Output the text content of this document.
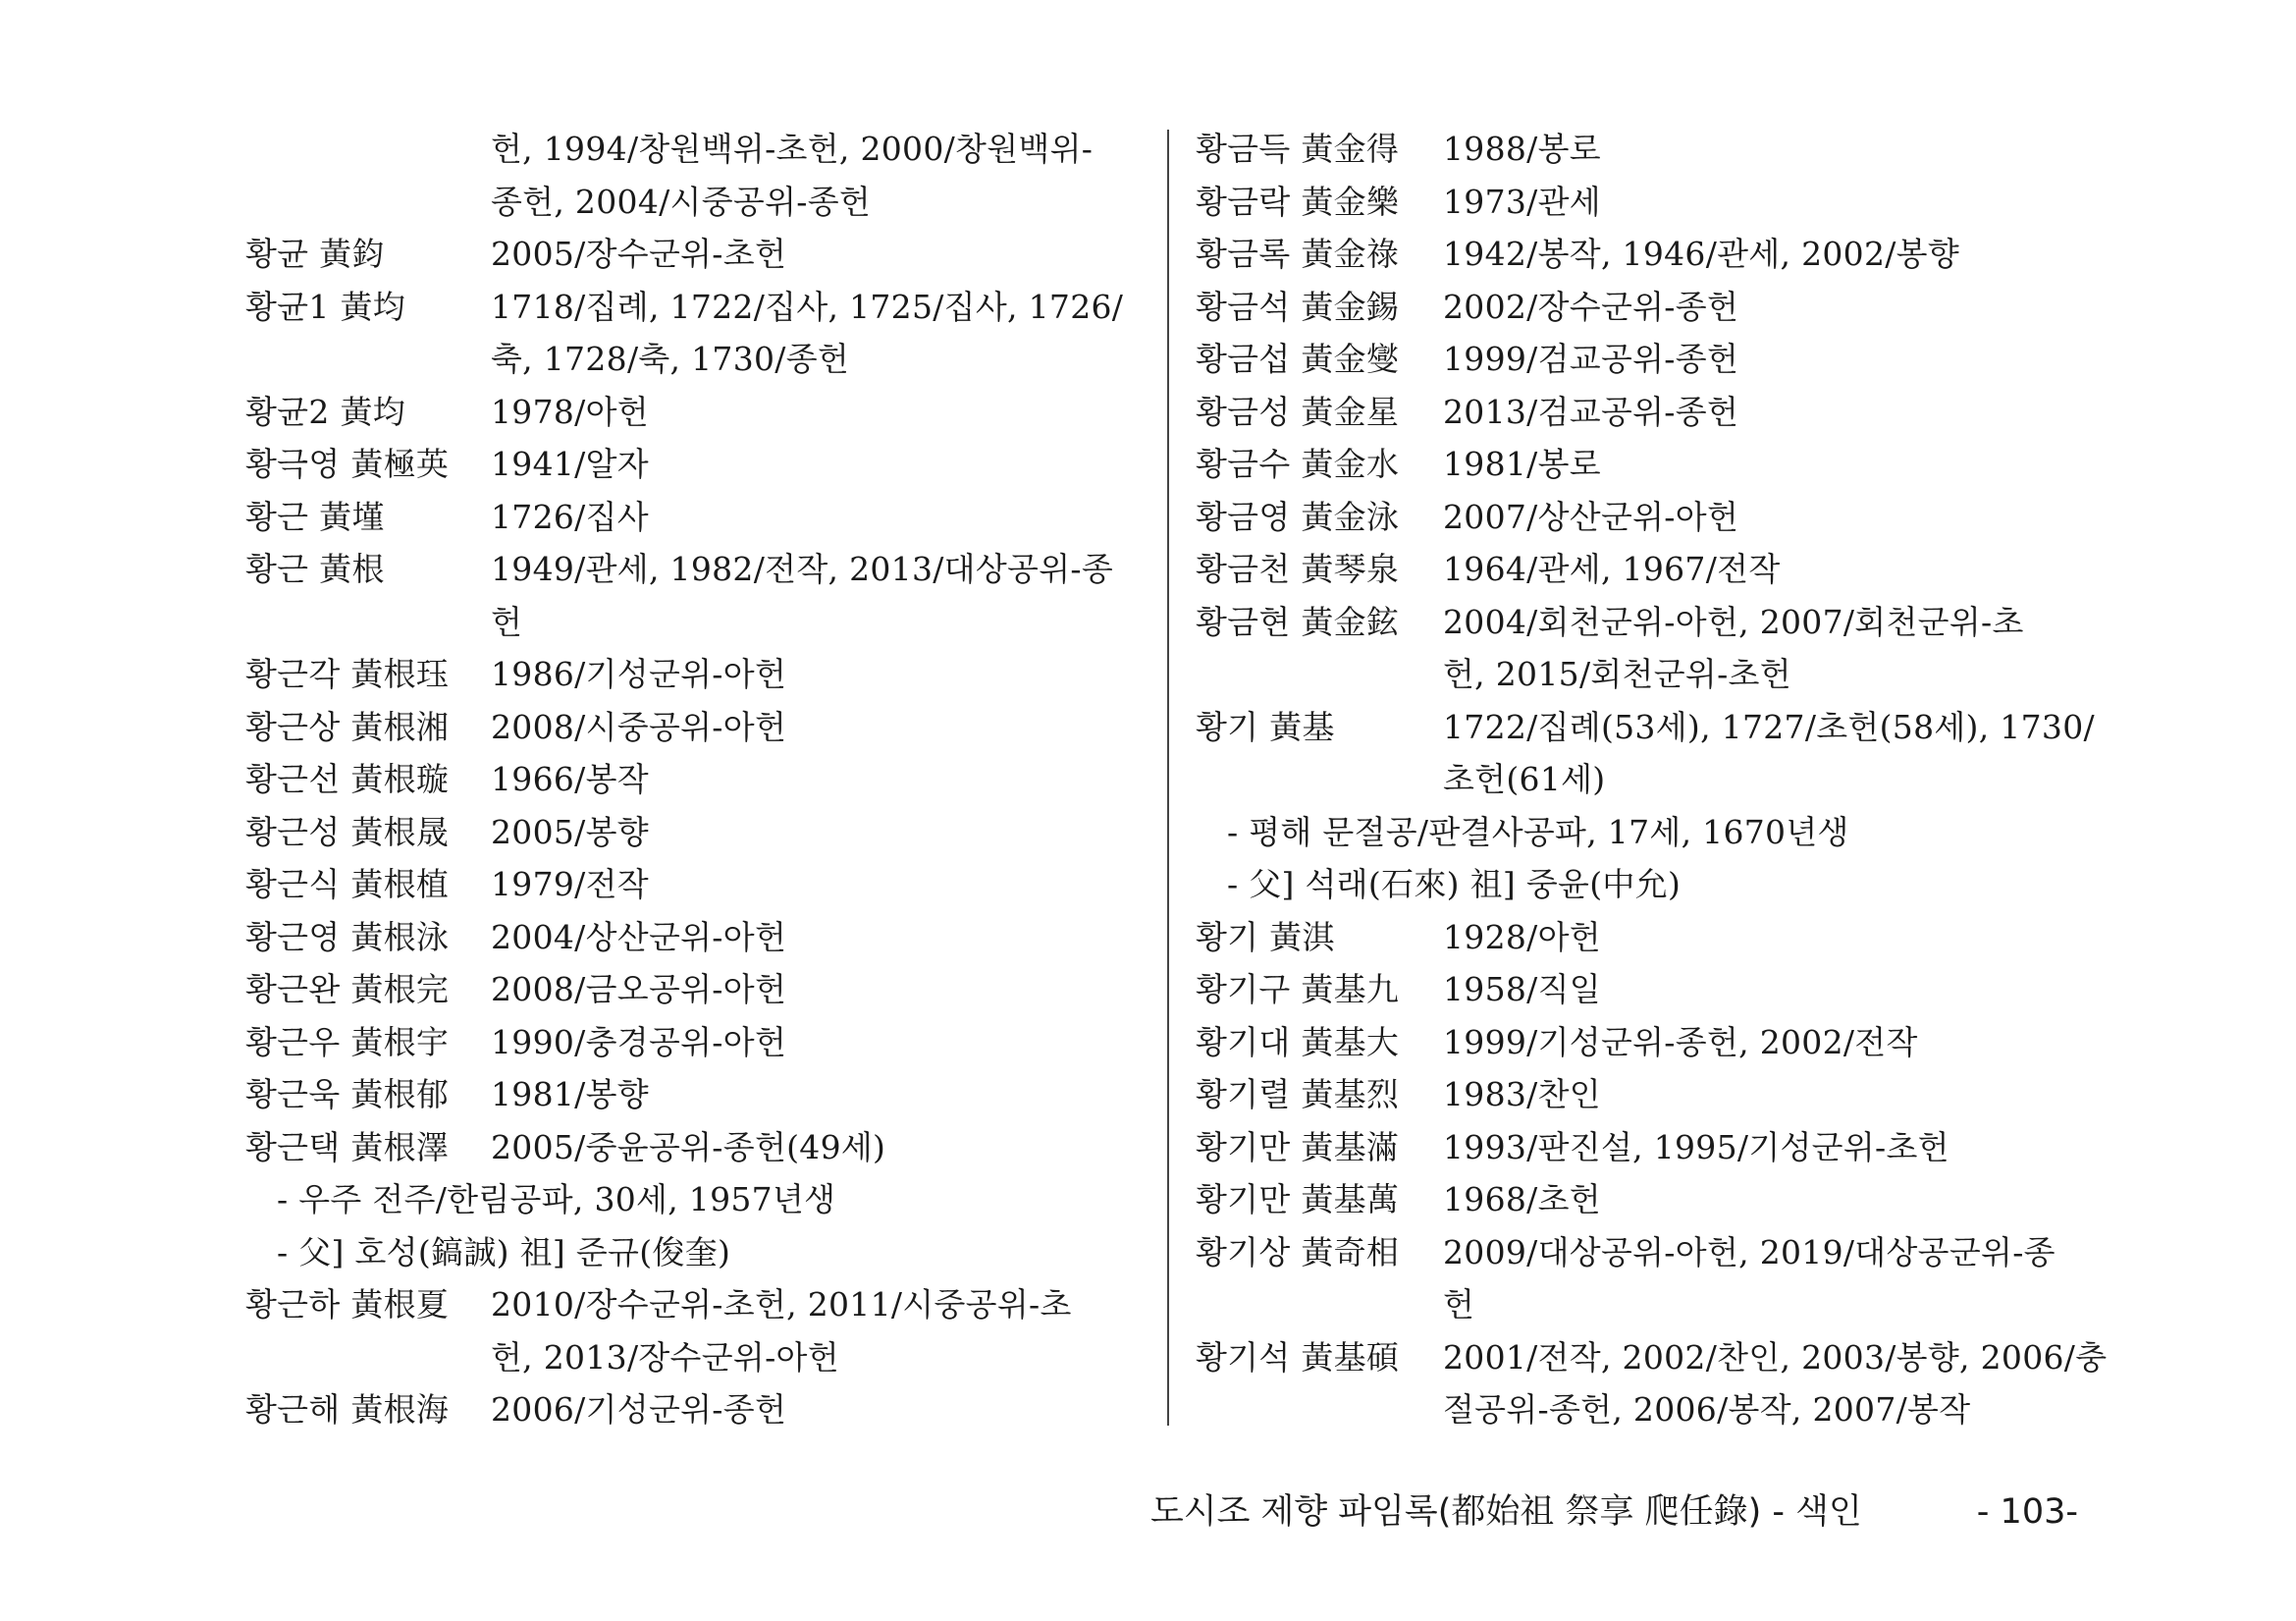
헌, 1994/창원백위-초헌, 2000/창원백위-
종헌, 2004/시중공위-종헌
황균 黃鈞	2005/장수군위-초헌
황균1 黃均	1718/집례, 1722/집사, 1725/집사, 1726/
축, 1728/축, 1730/종헌
황균2 黃均	1978/아헌
황극영 黃極英 1941/알자
황근 黃墐	1726/집사
황근 黃根	1949/관세, 1982/전작, 2013/대상공위-종
헌
황근각 黃根珏 1986/기성군위-아헌
황근상 黃根湘 2008/시중공위-아헌
황근선 黃根璇 1966/봉작
황근성 黃根晟 2005/봉향
황근식 黃根植 1979/전작
황근영 黃根泳 2004/상산군위-아헌
황근완 黃根完 2008/금오공위-아헌
황근우 黃根宇 1990/충경공위-아헌
황근욱 黃根郁 1981/봉향
황근택 黃根澤 2005/중윤공위-종헌(49세)
- 우주 전주/한림공파, 30세, 1957년생
- 父] 호성(鎬誠) 祖] 준규(俊奎)
황근하 黃根夏 2010/장수군위-초헌, 2011/시중공위-초
헌, 2013/장수군위-아헌
황근해 黃根海 2006/기성군위-종헌
황금득 黃金得 1988/봉로
황금락 黃金樂 1973/관세
황금록 黃金祿 1942/봉작, 1946/관세, 2002/봉향
황금석 黃金錫 2002/장수군위-종헌
황금섭 黃金燮 1999/검교공위-종헌
황금성 黃金星 2013/검교공위-종헌
황금수 黃金水 1981/봉로
황금영 黃金泳 2007/상산군위-아헌
황금천 黃琴泉 1964/관세, 1967/전작
황금현 黃金鉉 2004/회천군위-아헌, 2007/회천군위-초
헌, 2015/회천군위-초헌
황기 黃基	1722/집례(53세), 1727/초헌(58세), 1730/
초헌(61세)
- 평해 문절공/판결사공파, 17세, 1670년생
- 父] 석래(石來) 祖] 중윤(中允)
황기 黃淇	1928/아헌
황기구 黃基九 1958/직일
황기대 黃基大 1999/기성군위-종헌, 2002/전작
황기렬 黃基烈 1983/찬인
황기만 黃基滿 1993/판진설, 1995/기성군위-초헌
황기만 黃基萬 1968/초헌
황기상 黃奇相 2009/대상공위-아헌, 2019/대상공군위-종
헌
황기석 黃基碩 2001/전작, 2002/찬인, 2003/봉향, 2006/충
절공위-종헌, 2006/봉작, 2007/봉작
도시조 제향 파임록(都始祖 祭享 爬任錄) - 색인	- 103-
